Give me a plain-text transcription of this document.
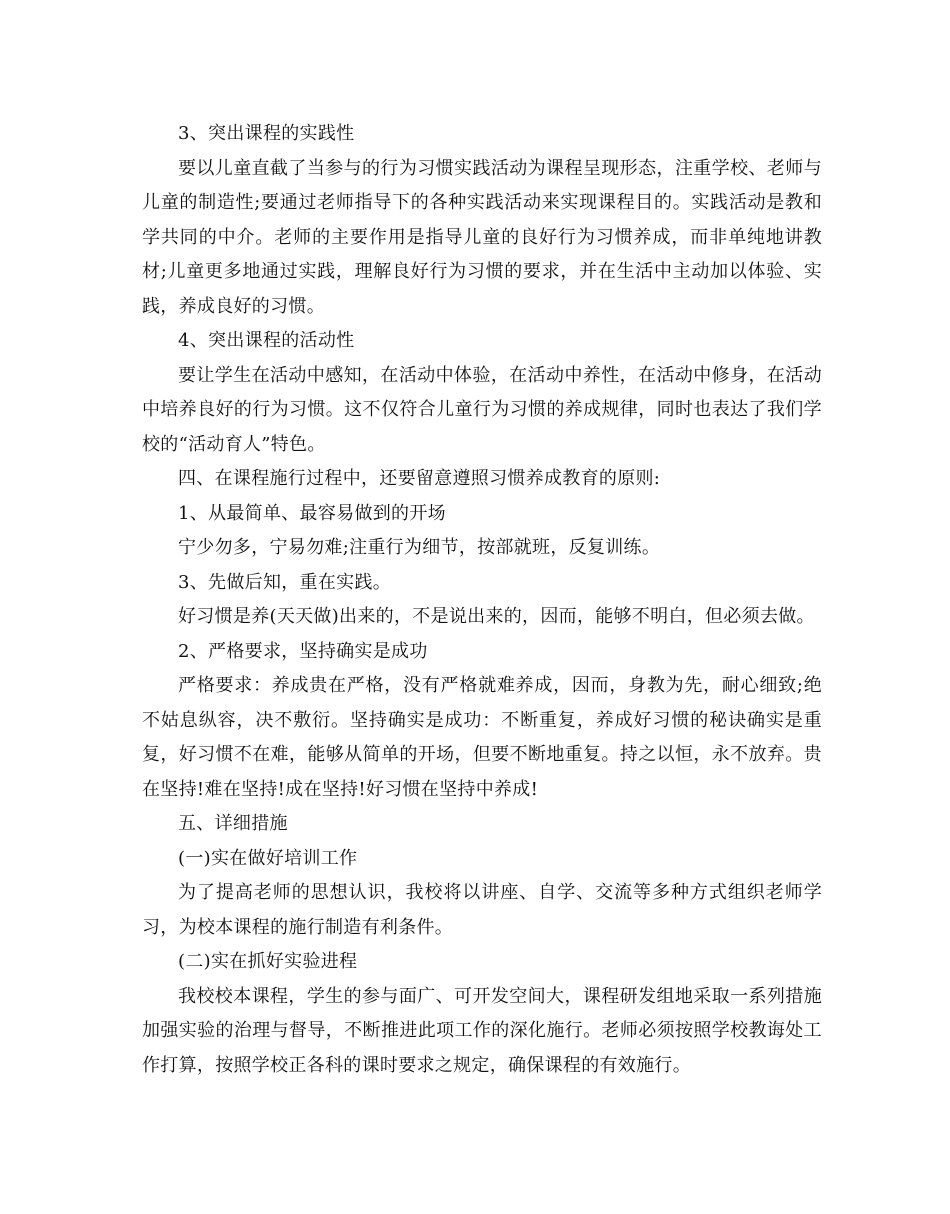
3、突出课程的实践性

要以儿童直截了当参与的行为习惯实践活动为课程呈现形态，注重学校、老师与儿童的制造性;要通过老师指导下的各种实践活动来实现课程目的。实践活动是教和学共同的中介。老师的主要作用是指导儿童的良好行为习惯养成，而非单纯地讲教材;儿童更多地通过实践，理解良好行为习惯的要求，并在生活中主动加以体验、实践，养成良好的习惯。

4、突出课程的活动性

要让学生在活动中感知，在活动中体验，在活动中养性，在活动中修身，在活动中培养良好的行为习惯。这不仅符合儿童行为习惯的养成规律，同时也表达了我们学校的“活动育人”特色。

四、在课程施行过程中，还要留意遵照习惯养成教育的原则:

1、从最简单、最容易做到的开场

宁少勿多，宁易勿难;注重行为细节，按部就班，反复训练。

3、先做后知，重在实践。

好习惯是养(天天做)出来的，不是说出来的，因而，能够不明白，但必须去做。

2、严格要求，坚持确实是成功

严格要求：养成贵在严格，没有严格就难养成，因而，身教为先，耐心细致;绝不姑息纵容，决不敷衍。坚持确实是成功：不断重复，养成好习惯的秘诀确实是重复，好习惯不在难，能够从简单的开场，但要不断地重复。持之以恒，永不放弃。贵在坚持!难在坚持!成在坚持!好习惯在坚持中养成!

五、详细措施

(一)实在做好培训工作

为了提高老师的思想认识，我校将以讲座、自学、交流等多种方式组织老师学习，为校本课程的施行制造有利条件。

(二)实在抓好实验进程

我校校本课程，学生的参与面广、可开发空间大，课程研发组地采取一系列措施加强实验的治理与督导，不断推进此项工作的深化施行。老师必须按照学校教诲处工作打算，按照学校正各科的课时要求之规定，确保课程的有效施行。
